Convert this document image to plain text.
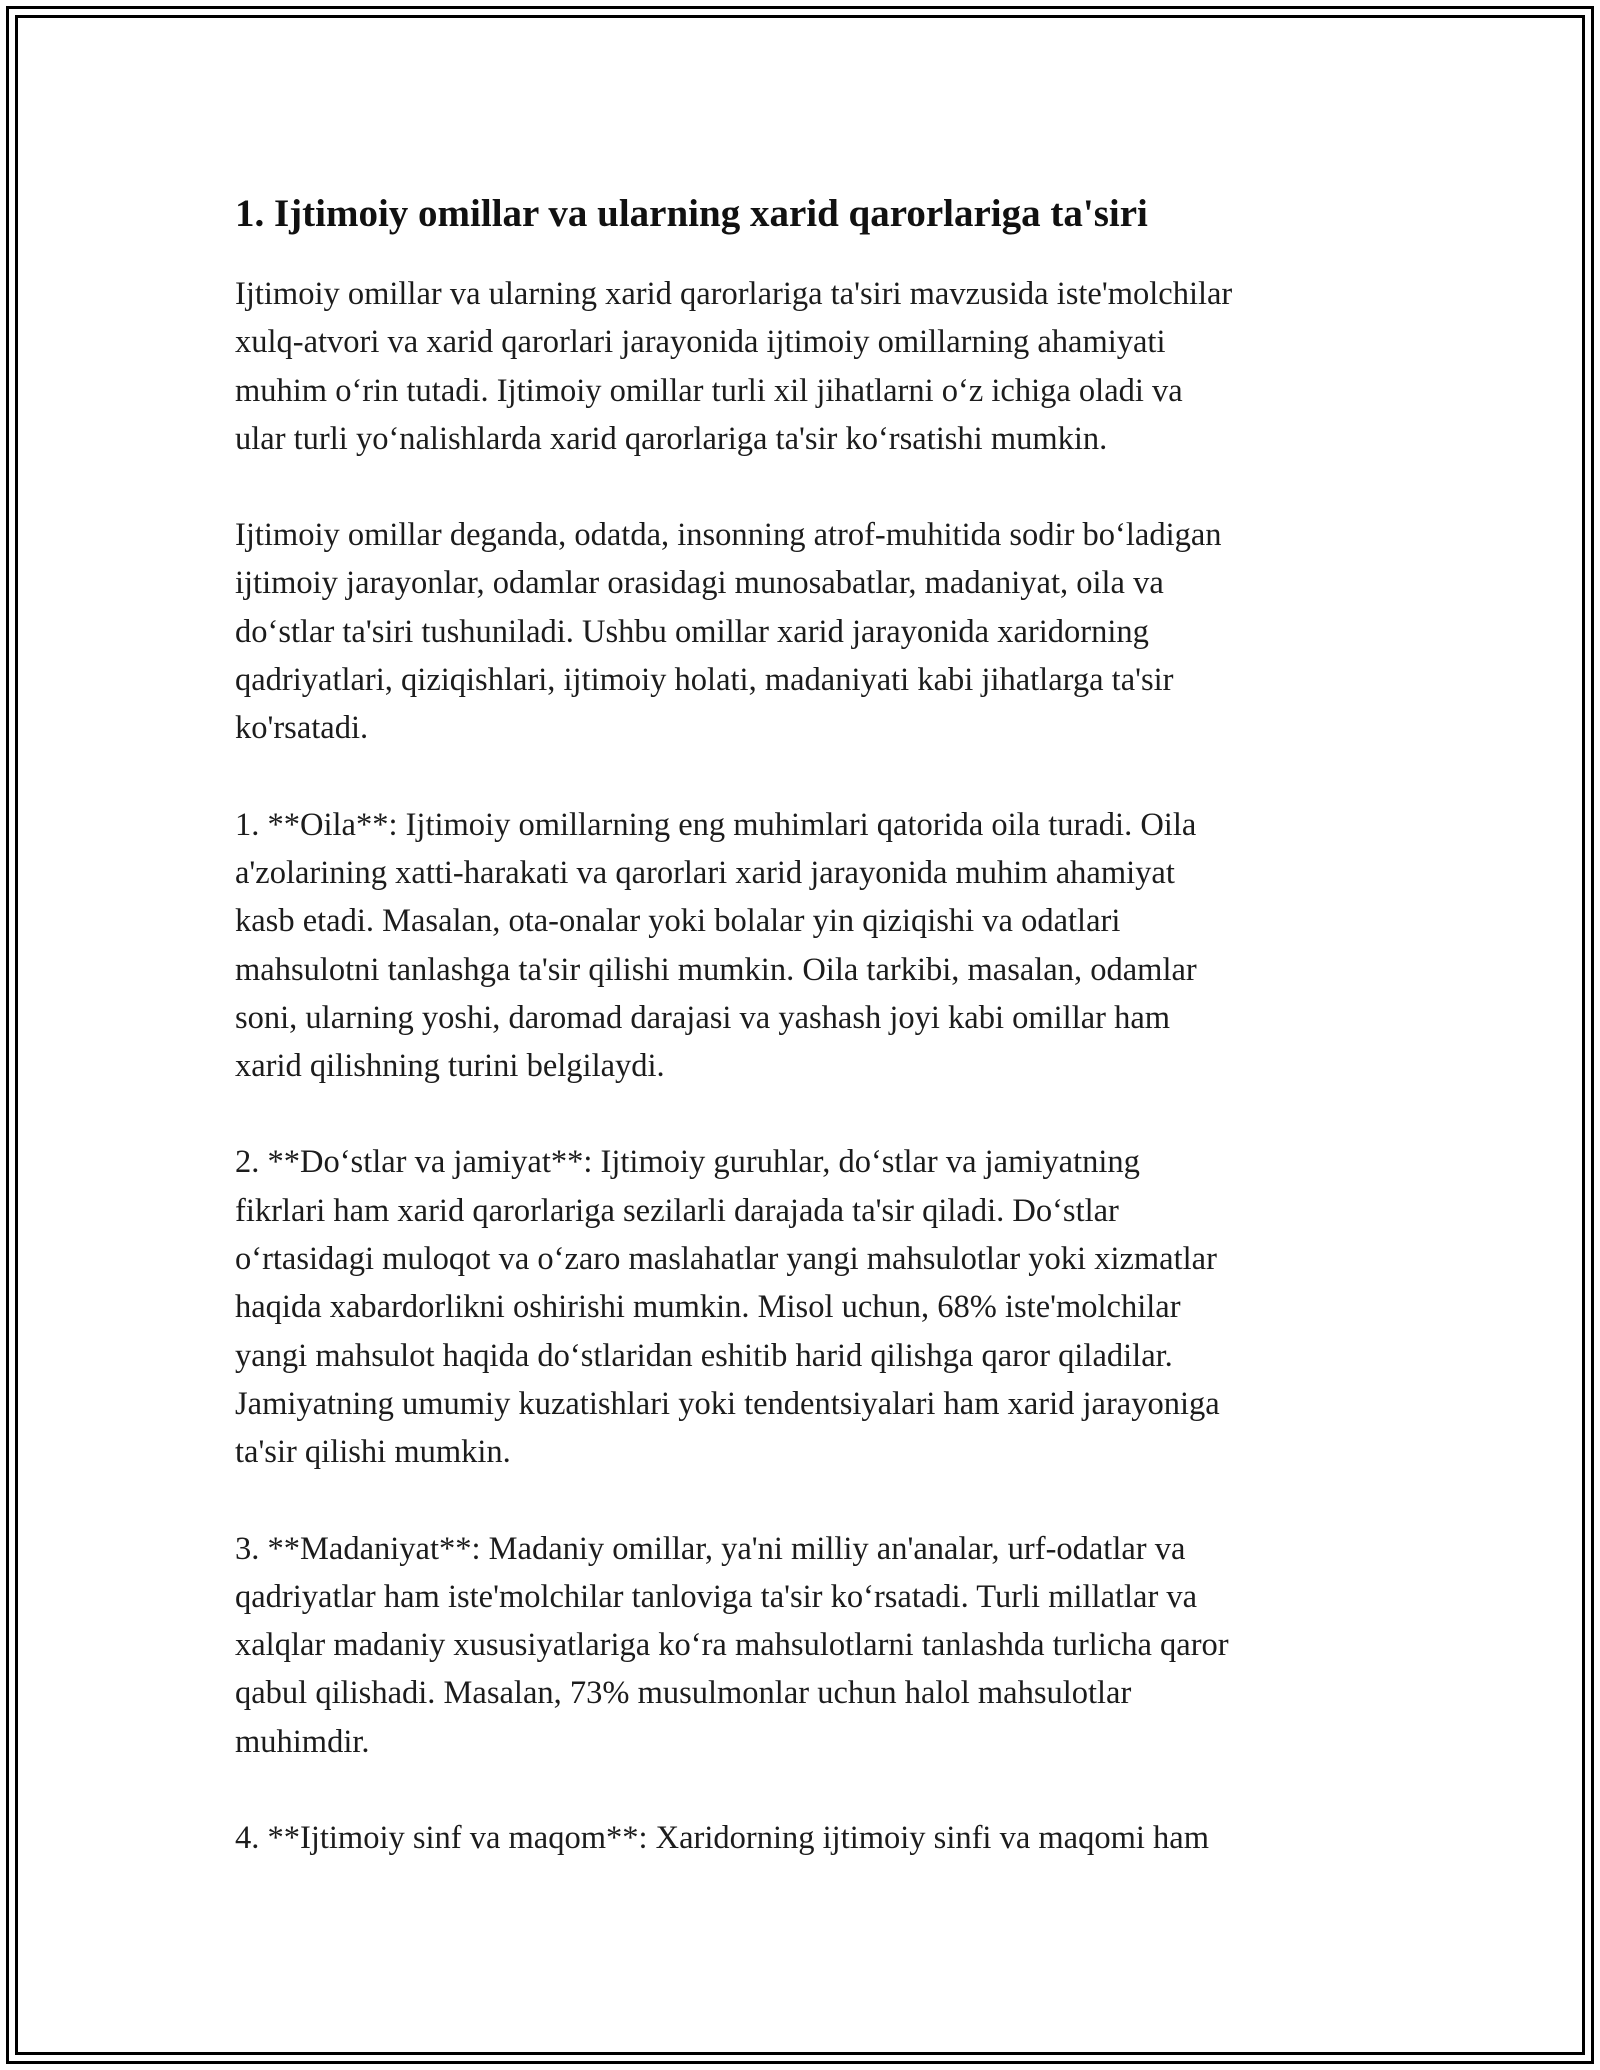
1. Ijtimoiy omillar va ularning xarid qarorlariga ta'siri

Ijtimoiy omillar va ularning xarid qarorlariga ta'siri mavzusida iste'molchilar
xulq-atvori va xarid qarorlari jarayonida ijtimoiy omillarning ahamiyati
muhim o‘rin tutadi. Ijtimoiy omillar turli xil jihatlarni o‘z ichiga oladi va
ular turli yo‘nalishlarda xarid qarorlariga ta'sir ko‘rsatishi mumkin.

Ijtimoiy omillar deganda, odatda, insonning atrof-muhitida sodir bo‘ladigan
ijtimoiy jarayonlar, odamlar orasidagi munosabatlar, madaniyat, oila va
do‘stlar ta'siri tushuniladi. Ushbu omillar xarid jarayonida xaridorning
qadriyatlari, qiziqishlari, ijtimoiy holati, madaniyati kabi jihatlarga ta'sir
ko'rsatadi.

1. **Oila**: Ijtimoiy omillarning eng muhimlari qatorida oila turadi. Oila
a'zolarining xatti-harakati va qarorlari xarid jarayonida muhim ahamiyat
kasb etadi. Masalan, ota-onalar yoki bolalar yin qiziqishi va odatlari
mahsulotni tanlashga ta'sir qilishi mumkin. Oila tarkibi, masalan, odamlar
soni, ularning yoshi, daromad darajasi va yashash joyi kabi omillar ham
xarid qilishning turini belgilaydi.

2. **Do‘stlar va jamiyat**: Ijtimoiy guruhlar, do‘stlar va jamiyatning
fikrlari ham xarid qarorlariga sezilarli darajada ta'sir qiladi. Do‘stlar
o‘rtasidagi muloqot va o‘zaro maslahatlar yangi mahsulotlar yoki xizmatlar
haqida xabardorlikni oshirishi mumkin. Misol uchun, 68% iste'molchilar
yangi mahsulot haqida do‘stlaridan eshitib harid qilishga qaror qiladilar.
Jamiyatning umumiy kuzatishlari yoki tendentsiyalari ham xarid jarayoniga
ta'sir qilishi mumkin.

3. **Madaniyat**: Madaniy omillar, ya'ni milliy an'analar, urf-odatlar va
qadriyatlar ham iste'molchilar tanloviga ta'sir ko‘rsatadi. Turli millatlar va
xalqlar madaniy xususiyatlariga ko‘ra mahsulotlarni tanlashda turlicha qaror
qabul qilishadi. Masalan, 73% musulmonlar uchun halol mahsulotlar
muhimdir.

4. **Ijtimoiy sinf va maqom**: Xaridorning ijtimoiy sinfi va maqomi ham
